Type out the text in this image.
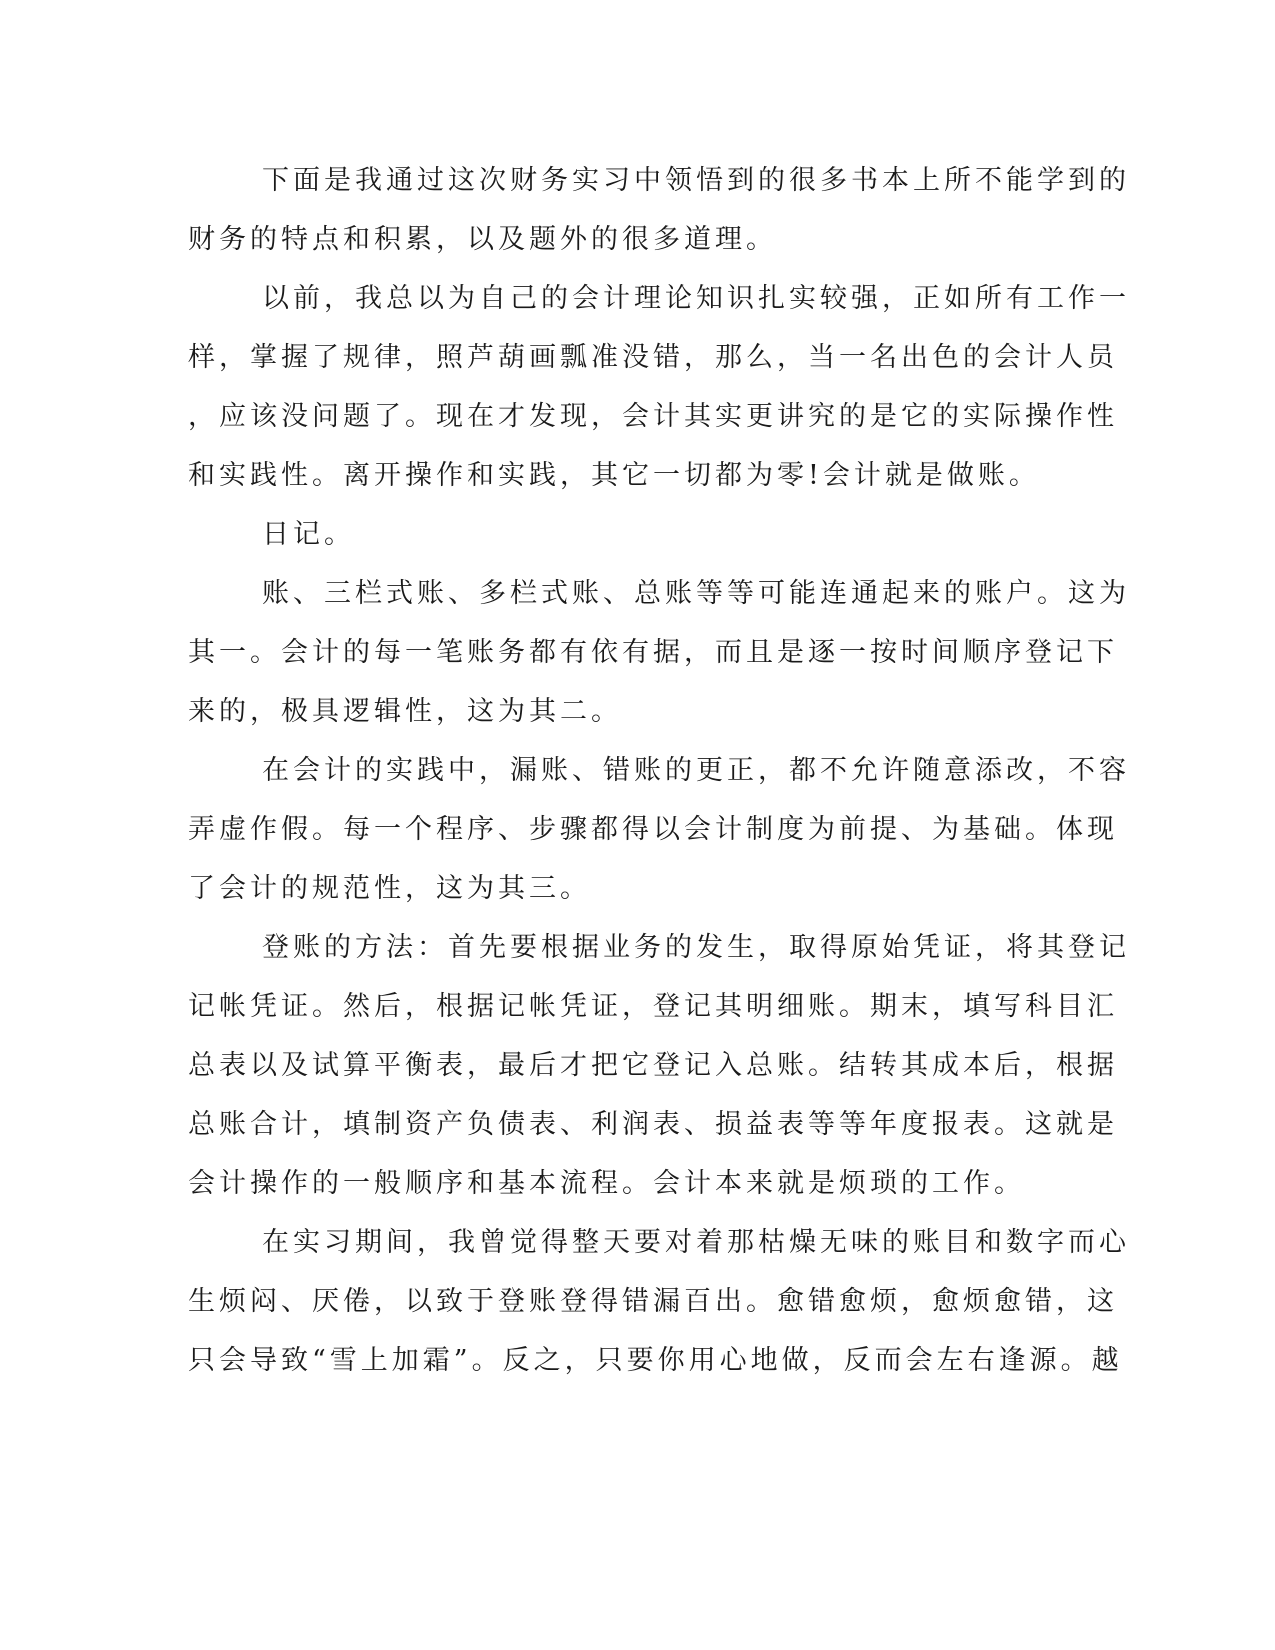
下面是我通过这次财务实习中领悟到的很多书本上所不能学到的
财务的特点和积累，以及题外的很多道理。
以前，我总以为自己的会计理论知识扎实较强，正如所有工作一
样，掌握了规律，照芦葫画瓢准没错，那么，当一名出色的会计人员
，应该没问题了。现在才发现，会计其实更讲究的是它的实际操作性
和实践性。离开操作和实践，其它一切都为零!会计就是做账。
日记。
账、三栏式账、多栏式账、总账等等可能连通起来的账户。这为
其一。会计的每一笔账务都有依有据，而且是逐一按时间顺序登记下
来的，极具逻辑性，这为其二。
在会计的实践中，漏账、错账的更正，都不允许随意添改，不容
弄虚作假。每一个程序、步骤都得以会计制度为前提、为基础。体现
了会计的规范性，这为其三。
登账的方法：首先要根据业务的发生，取得原始凭证，将其登记
记帐凭证。然后，根据记帐凭证，登记其明细账。期末，填写科目汇
总表以及试算平衡表，最后才把它登记入总账。结转其成本后，根据
总账合计，填制资产负债表、利润表、损益表等等年度报表。这就是
会计操作的一般顺序和基本流程。会计本来就是烦琐的工作。
在实习期间，我曾觉得整天要对着那枯燥无味的账目和数字而心
生烦闷、厌倦，以致于登账登得错漏百出。愈错愈烦，愈烦愈错，这
只会导致“雪上加霜”。反之，只要你用心地做，反而会左右逢源。越
